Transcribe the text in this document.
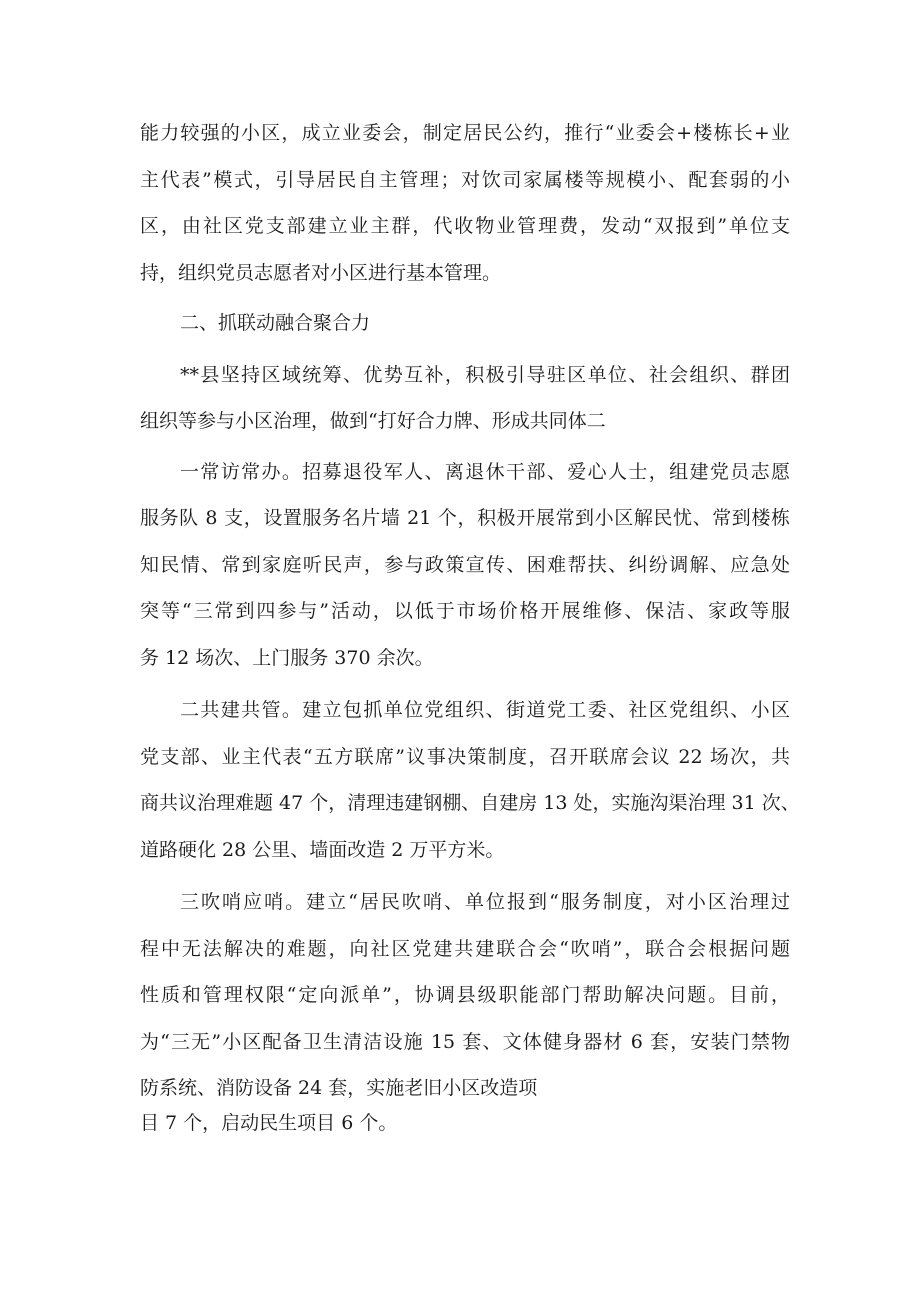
能力较强的小区，成立业委会，制定居民公约，推行“业委会+楼栋长+业

主代表”模式，引导居民自主管理；对饮司家属楼等规模小、配套弱的小

区，由社区党支部建立业主群，代收物业管理费，发动“双报到”单位支

持，组织党员志愿者对小区进行基本管理。

二、抓联动融合聚合力

**县坚持区域统筹、优势互补，积极引导驻区单位、社会组织、群团

组织等参与小区治理，做到“打好合力牌、形成共同体二

一常访常办。招募退役军人、离退休干部、爱心人士，组建党员志愿

服务队 8 支，设置服务名片墙 21 个，积极开展常到小区解民忧、常到楼栋

知民情、常到家庭听民声，参与政策宣传、困难帮扶、纠纷调解、应急处

突等“三常到四参与”活动，以低于市场价格开展维修、保洁、家政等服

务 12 场次、上门服务 370 余次。

二共建共管。建立包抓单位党组织、街道党工委、社区党组织、小区

党支部、业主代表“五方联席”议事决策制度，召开联席会议 22 场次，共

商共议治理难题 47 个，清理违建钢棚、自建房 13 处，实施沟渠治理 31 次、

道路硬化 28 公里、墙面改造 2 万平方米。

三吹哨应哨。建立“居民吹哨、单位报到“服务制度，对小区治理过

程中无法解决的难题，向社区党建共建联合会“吹哨”，联合会根据问题

性质和管理权限“定向派单”，协调县级职能部门帮助解决问题。目前，

为“三无”小区配备卫生清洁设施 15 套、文体健身器材 6 套，安装门禁物

防系统、消防设备 24 套，实施老旧小区改造项

目 7 个，启动民生项目 6 个。
